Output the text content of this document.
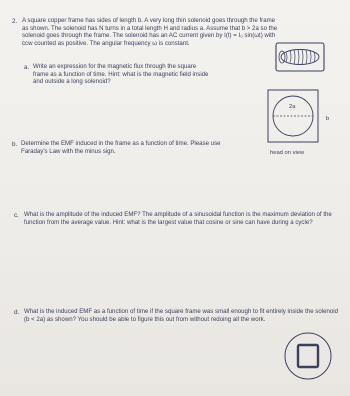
2. A square copper frame has sides of length b. A very long thin solenoid goes through the frame as shown. The solenoid has N turns in a total length H and radius a. Assume that b > 2a so the solenoid goes through the frame. The solenoid has an AC current given by I(t) = I₀ sin(ωt) with ccw counted as positive. The angular frequency ω is constant.
a. Write an expression for the magnetic flux through the square frame as a function of time. Hint: what is the magnetic field inside and outside a long solenoid?
2a
b
head on view
b. Determine the EMF induced in the frame as a function of time. Please use Faraday's Law with the minus sign.
c. What is the amplitude of the induced EMF? The amplitude of a sinusoidal function is the maximum deviation of the function from the average value. Hint: what is the largest value that cosine or sine can have during a cycle?
d. What is the induced EMF as a function of time if the square frame was small enough to fit entirely inside the solenoid (b < 2a) as shown? You should be able to figure this out from without redoing all the work.
